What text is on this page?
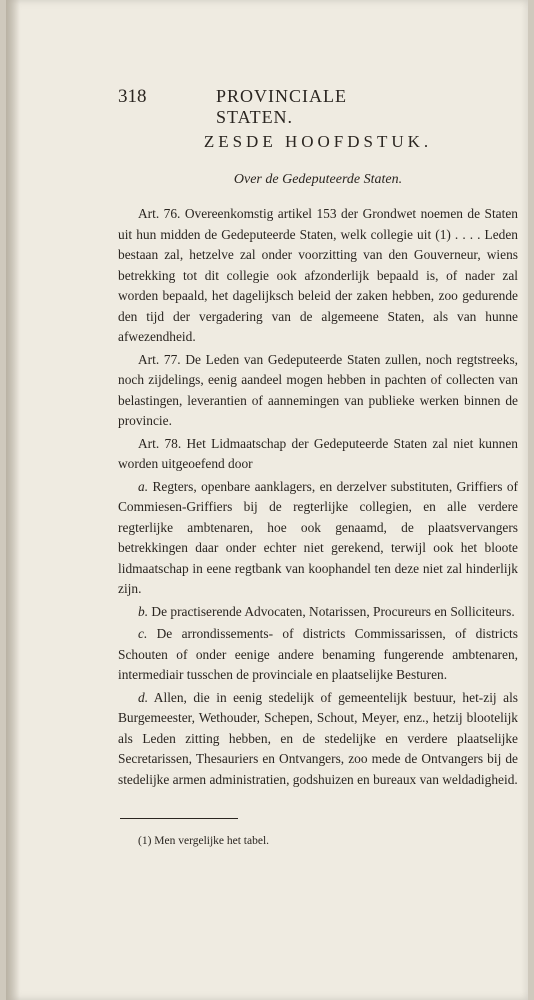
318	PROVINCIALE STATEN.
ZESDE HOOFDSTUK.
Over de Gedeputeerde Staten.

Art. 76. Overeenkomstig artikel 153 der Grondwet noemen de Staten uit hun midden de Gedeputeerde Staten, welk collegie uit (1) . . . . Leden bestaan zal, hetzelve zal onder voorzitting van den Gouverneur, wiens betrekking tot dit collegie ook afzonderlijk bepaald is, of nader zal worden bepaald, het dagelijksch beleid der zaken hebben, zoo gedurende den tijd der vergadering van de algemeene Staten, als van hunne afwezendheid.

Art. 77. De Leden van Gedeputeerde Staten zullen, noch regtstreeks, noch zijdelings, eenig aandeel mogen hebben in pachten of collecten van belastingen, leverantien of aannemingen van publieke werken binnen de provincie.

Art. 78. Het Lidmaatschap der Gedeputeerde Staten zal niet kunnen worden uitgeoefend door

a. Regters, openbare aanklagers, en derzelver substituten, Griffiers of Commiesen-Griffiers bij de regterlijke collegien, en alle verdere regterlijke ambtenaren, hoe ook genaamd, de plaatsvervangers betrekkingen daar onder echter niet gerekend, terwijl ook het bloote lidmaatschap in eene regtbank van koophandel ten deze niet zal hinderlijk zijn.

b. De practiserende Advocaten, Notarissen, Procureurs en Solliciteurs.

c. De arrondissements- of districts Commissarissen, of districts Schouten of onder eenige andere benaming fungerende ambtenaren, intermediair tusschen de provinciale en plaatselijke Besturen.

d. Allen, die in eenig stedelijk of gemeentelijk bestuur, het-zij als Burgemeester, Wethouder, Schepen, Schout, Meyer, enz., hetzij blootelijk als Leden zitting hebben, en de stedelijke en verdere plaatselijke Secretarissen, Thesauriers en Ontvangers, zoo mede de Ontvangers bij de stedelijke armen administratien, godshuizen en bureaux van weldadigheid.

(1) Men vergelijke het tabel.
